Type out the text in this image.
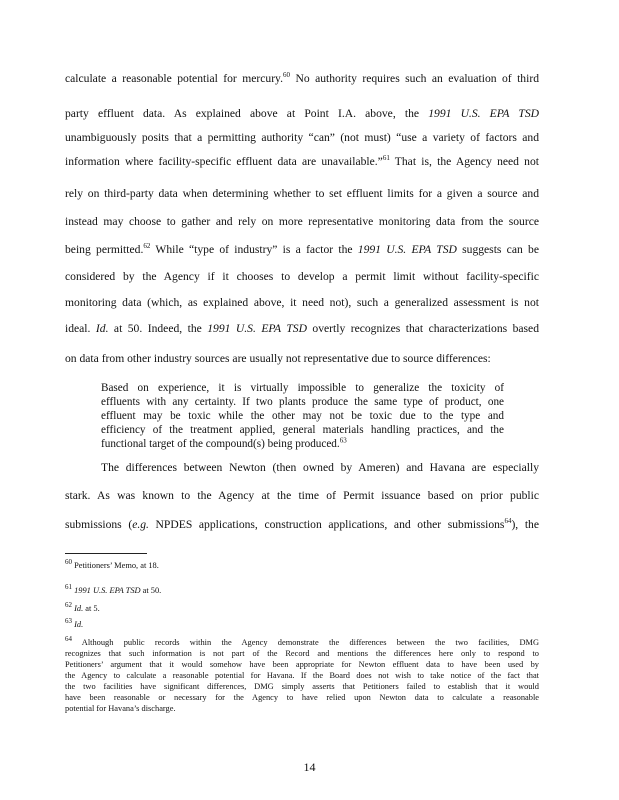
calculate a reasonable potential for mercury.$^{60}$ No authority requires such an evaluation of third
party effluent data. As explained above at Point I.A. above, the 1991 U.S. EPA TSD
unambiguously posits that a permitting authority “can” (not must) “use a variety of factors and
information where facility-specific effluent data are unavailable.”$^{61}$ That is, the Agency need not
rely on third-party data when determining whether to set effluent limits for a given a source and
instead may choose to gather and rely on more representative monitoring data from the source
being permitted.$^{62}$ While “type of industry” is a factor the 1991 U.S. EPA TSD suggests can be
considered by the Agency if it chooses to develop a permit limit without facility-specific
monitoring data (which, as explained above, it need not), such a generalized assessment is not
ideal. Id. at 50. Indeed, the 1991 U.S. EPA TSD overtly recognizes that characterizations based
on data from other industry sources are usually not representative due to source differences:
Based on experience, it is virtually impossible to generalize the toxicity of
effluents with any certainty. If two plants produce the same type of product, one
effluent may be toxic while the other may not be toxic due to the type and
efficiency of the treatment applied, general materials handling practices, and the
functional target of the compound(s) being produced.$^{63}$
The differences between Newton (then owned by Ameren) and Havana are especially
stark. As was known to the Agency at the time of Permit issuance based on prior public
submissions (e.g. NPDES applications, construction applications, and other submissions$^{64}$), the
$^{60}$ Petitioners’ Memo, at 18.
$^{61}$ 1991 U.S. EPA TSD at 50.
$^{62}$ Id. at 5.
$^{63}$ Id.
$^{64}$ Although public records within the Agency demonstrate the differences between the two facilities, DMG
recognizes that such information is not part of the Record and mentions the differences here only to respond to
Petitioners’ argument that it would somehow have been appropriate for Newton effluent data to have been used by
the Agency to calculate a reasonable potential for Havana. If the Board does not wish to take notice of the fact that
the two facilities have significant differences, DMG simply asserts that Petitioners failed to establish that it would
have been reasonable or necessary for the Agency to have relied upon Newton data to calculate a reasonable
potential for Havana’s discharge.
14
